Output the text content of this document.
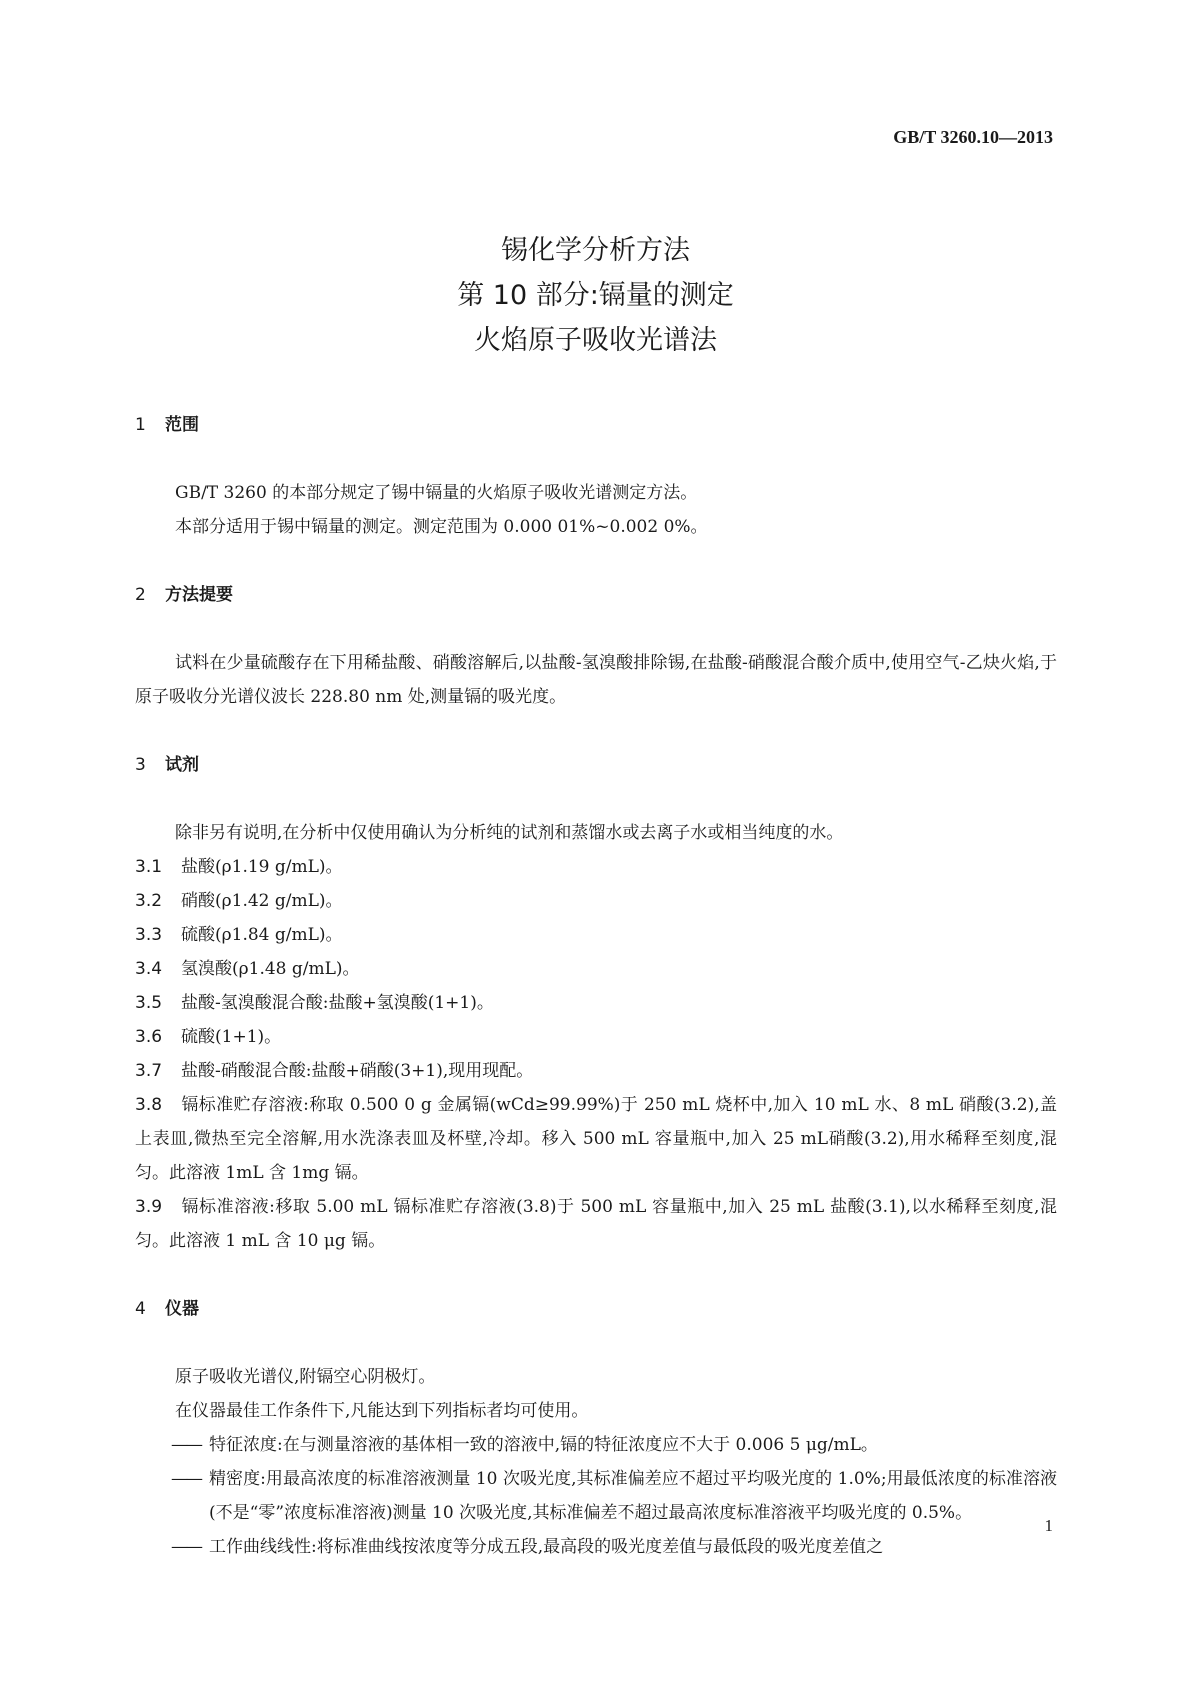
GB/T 3260.10—2013
锡化学分析方法
第 10 部分:镉量的测定
火焰原子吸收光谱法
1	范围
GB/T 3260 的本部分规定了锡中镉量的火焰原子吸收光谱测定方法。
本部分适用于锡中镉量的测定。测定范围为 0.000 01%~0.002 0%。
2	方法提要
试料在少量硫酸存在下用稀盐酸、硝酸溶解后,以盐酸-氢溴酸排除锡,在盐酸-硝酸混合酸介质中,使用空气-乙炔火焰,于原子吸收分光谱仪波长 228.80 nm 处,测量镉的吸光度。
3	试剂
除非另有说明,在分析中仅使用确认为分析纯的试剂和蒸馏水或去离子水或相当纯度的水。
3.1	盐酸(ρ1.19 g/mL)。
3.2	硝酸(ρ1.42 g/mL)。
3.3	硫酸(ρ1.84 g/mL)。
3.4	氢溴酸(ρ1.48 g/mL)。
3.5	盐酸-氢溴酸混合酸:盐酸+氢溴酸(1+1)。
3.6	硫酸(1+1)。
3.7	盐酸-硝酸混合酸:盐酸+硝酸(3+1),现用现配。
3.8 镉标准贮存溶液:称取 0.500 0 g 金属镉(wCd≥99.99%)于 250 mL 烧杯中,加入 10 mL 水、8 mL 硝酸(3.2),盖上表皿,微热至完全溶解,用水洗涤表皿及杯壁,冷却。移入 500 mL 容量瓶中,加入 25 mL硝酸(3.2),用水稀释至刻度,混匀。此溶液 1mL 含 1mg 镉。
3.9 镉标准溶液:移取 5.00 mL 镉标准贮存溶液(3.8)于 500 mL 容量瓶中,加入 25 mL 盐酸(3.1),以水稀释至刻度,混匀。此溶液 1 mL 含 10 μg 镉。
4	仪器
原子吸收光谱仪,附镉空心阴极灯。
在仪器最佳工作条件下,凡能达到下列指标者均可使用。
—— 特征浓度:在与测量溶液的基体相一致的溶液中,镉的特征浓度应不大于 0.006 5 μg/mL。
—— 精密度:用最高浓度的标准溶液测量 10 次吸光度,其标准偏差应不超过平均吸光度的 1.0%;用最低浓度的标准溶液(不是“零”浓度标准溶液)测量 10 次吸光度,其标准偏差不超过最高浓度标准溶液平均吸光度的 0.5%。
—— 工作曲线线性:将标准曲线按浓度等分成五段,最高段的吸光度差值与最低段的吸光度差值之
1
